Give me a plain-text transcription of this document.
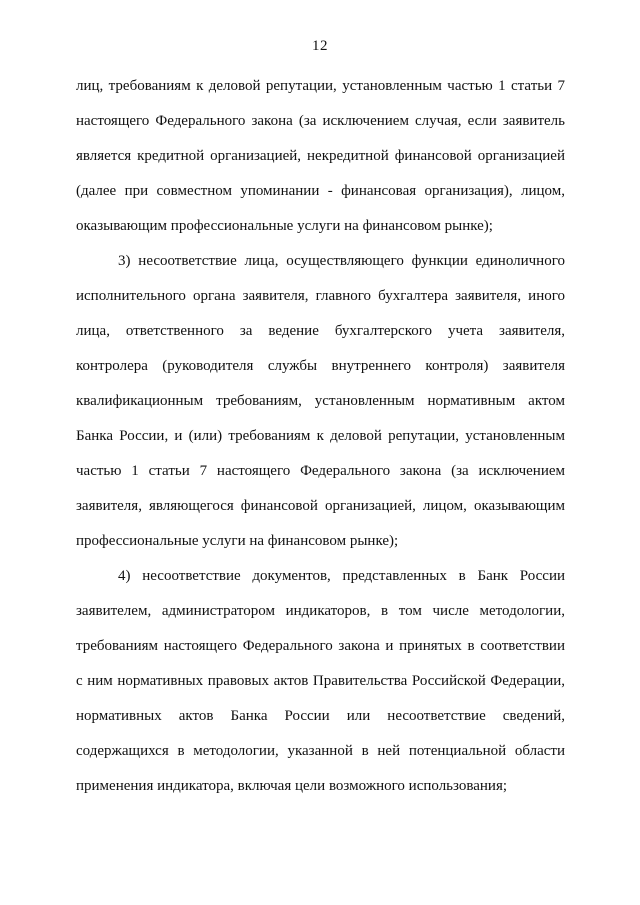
12
лиц, требованиям к деловой репутации, установленным частью 1 статьи 7
настоящего Федерального закона (за исключением случая, если заявитель
является кредитной организацией, некредитной финансовой организацией
(далее при совместном упоминании - финансовая организация), лицом,
оказывающим профессиональные услуги на финансовом рынке);
3) несоответствие лица, осуществляющего функции единоличного
исполнительного органа заявителя, главного бухгалтера заявителя, иного
лица, ответственного за ведение бухгалтерского учета заявителя,
контролера (руководителя службы внутреннего контроля) заявителя
квалификационным требованиям, установленным нормативным актом
Банка России, и (или) требованиям к деловой репутации, установленным
частью 1 статьи 7 настоящего Федерального закона (за исключением
заявителя, являющегося финансовой организацией, лицом, оказывающим
профессиональные услуги на финансовом рынке);
4) несоответствие документов, представленных в Банк России
заявителем, администратором индикаторов, в том числе методологии,
требованиям настоящего Федерального закона и принятых в соответствии
с ним нормативных правовых актов Правительства Российской Федерации,
нормативных актов Банка России или несоответствие сведений,
содержащихся в методологии, указанной в ней потенциальной области
применения индикатора, включая цели возможного использования;
